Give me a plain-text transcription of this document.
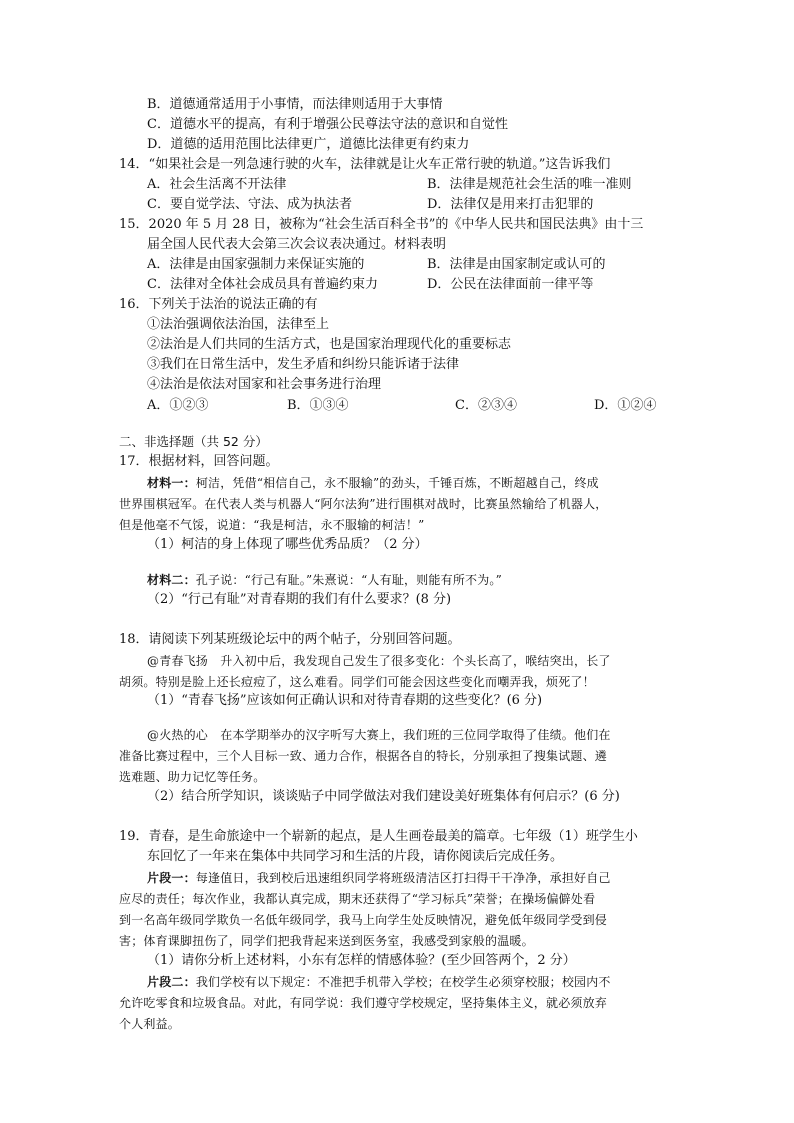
B．道德通常适用于小事情，而法律则适用于大事情
C．道德水平的提高，有利于增强公民尊法守法的意识和自觉性
D．道德的适用范围比法律更广，道德比法律更有约束力
14．“如果社会是一列急速行驶的火车，法律就是让火车正常行驶的轨道。”这告诉我们
A．社会生活离不开法律	B．法律是规范社会生活的唯一准则
C．要自觉学法、守法、成为执法者	D．法律仅是用来打击犯罪的
15．2020 年 5 月 28 日，被称为“社会生活百科全书”的《中华人民共和国民法典》由十三
届全国人民代表大会第三次会议表决通过。材料表明
A．法律是由国家强制力来保证实施的	B．法律是由国家制定或认可的
C．法律对全体社会成员具有普遍约束力	D．公民在法律面前一律平等
16．下列关于法治的说法正确的有
①法治强调依法治国，法律至上
②法治是人们共同的生活方式，也是国家治理现代化的重要标志
③我们在日常生活中，发生矛盾和纠纷只能诉诸于法律
④法治是依法对国家和社会事务进行治理
A．①②③	B．①③④	C．②③④	D．①②④
二、非选择题（共 52 分）
17．根据材料，回答问题。
材料一：柯洁，凭借“相信自己，永不服输”的劲头，千锤百炼，不断超越自己，终成
世界围棋冠军。在代表人类与机器人“阿尔法狗”进行围棋对战时，比赛虽然输给了机器人，
但是他毫不气馁，说道：“我是柯洁，永不服输的柯洁！”
（1）柯洁的身上体现了哪些优秀品质？（2 分）
材料二：孔子说：“行己有耻。”朱熹说：“人有耻，则能有所不为。”
（2）“行己有耻”对青春期的我们有什么要求？(8 分)
18．请阅读下列某班级论坛中的两个帖子，分别回答问题。
@青春飞扬　升入初中后，我发现自己发生了很多变化：个头长高了，喉结突出，长了
胡须。特别是脸上还长痘痘了，这么难看。同学们可能会因这些变化而嘲弄我，烦死了！
（1）“青春飞扬”应该如何正确认识和对待青春期的这些变化？(6 分)
@火热的心　在本学期举办的汉字听写大赛上，我们班的三位同学取得了佳绩。他们在
准备比赛过程中，三个人目标一致、通力合作，根据各自的特长，分别承担了搜集试题、遴
选难题、助力记忆等任务。
（2）结合所学知识，谈谈贴子中同学做法对我们建设美好班集体有何启示？(6 分)
19．青春，是生命旅途中一个崭新的起点，是人生画卷最美的篇章。七年级（1）班学生小
东回忆了一年来在集体中共同学习和生活的片段，请你阅读后完成任务。
片段一：每逢值日，我到校后迅速组织同学将班级清洁区打扫得干干净净，承担好自己
应尽的责任；每次作业，我都认真完成，期末还获得了“学习标兵”荣誉；在操场偏僻处看
到一名高年级同学欺负一名低年级同学，我马上向学生处反映情况，避免低年级同学受到侵
害；体育课脚扭伤了，同学们把我背起来送到医务室，我感受到家般的温暖。
（1）请你分析上述材料，小东有怎样的情感体验？(至少回答两个，2 分）
片段二：我们学校有以下规定：不准把手机带入学校；在校学生必须穿校服；校园内不
允许吃零食和垃圾食品。对此，有同学说：我们遵守学校规定，坚持集体主义，就必须放弃
个人利益。
